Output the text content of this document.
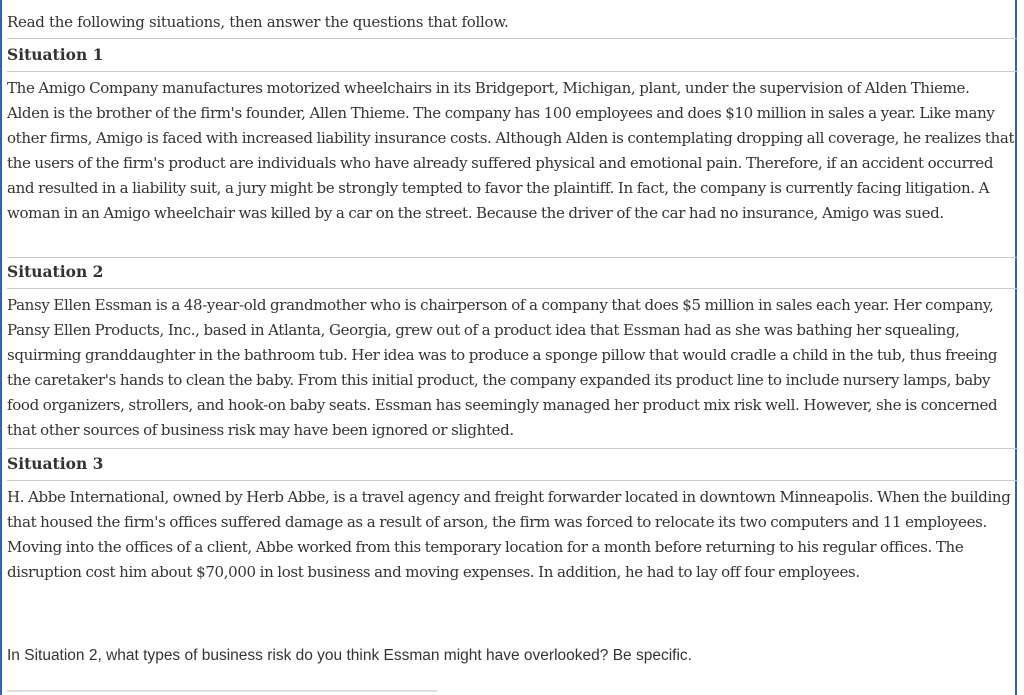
Read the following situations, then answer the questions that follow.
Situation 1
The Amigo Company manufactures motorized wheelchairs in its Bridgeport, Michigan, plant, under the supervision of Alden Thieme. Alden is the brother of the firm's founder, Allen Thieme. The company has 100 employees and does $10 million in sales a year. Like many other firms, Amigo is faced with increased liability insurance costs. Although Alden is contemplating dropping all coverage, he realizes that the users of the firm's product are individuals who have already suffered physical and emotional pain. Therefore, if an accident occurred and resulted in a liability suit, a jury might be strongly tempted to favor the plaintiff. In fact, the company is currently facing litigation. A woman in an Amigo wheelchair was killed by a car on the street. Because the driver of the car had no insurance, Amigo was sued.
Situation 2
Pansy Ellen Essman is a 48-year-old grandmother who is chairperson of a company that does $5 million in sales each year. Her company, Pansy Ellen Products, Inc., based in Atlanta, Georgia, grew out of a product idea that Essman had as she was bathing her squealing, squirming granddaughter in the bathroom tub. Her idea was to produce a sponge pillow that would cradle a child in the tub, thus freeing the caretaker's hands to clean the baby. From this initial product, the company expanded its product line to include nursery lamps, baby food organizers, strollers, and hook-on baby seats. Essman has seemingly managed her product mix risk well. However, she is concerned that other sources of business risk may have been ignored or slighted.
Situation 3
H. Abbe International, owned by Herb Abbe, is a travel agency and freight forwarder located in downtown Minneapolis. When the building that housed the firm's offices suffered damage as a result of arson, the firm was forced to relocate its two computers and 11 employees. Moving into the offices of a client, Abbe worked from this temporary location for a month before returning to his regular offices. The disruption cost him about $70,000 in lost business and moving expenses. In addition, he had to lay off four employees.
In Situation 2, what types of business risk do you think Essman might have overlooked? Be specific.
